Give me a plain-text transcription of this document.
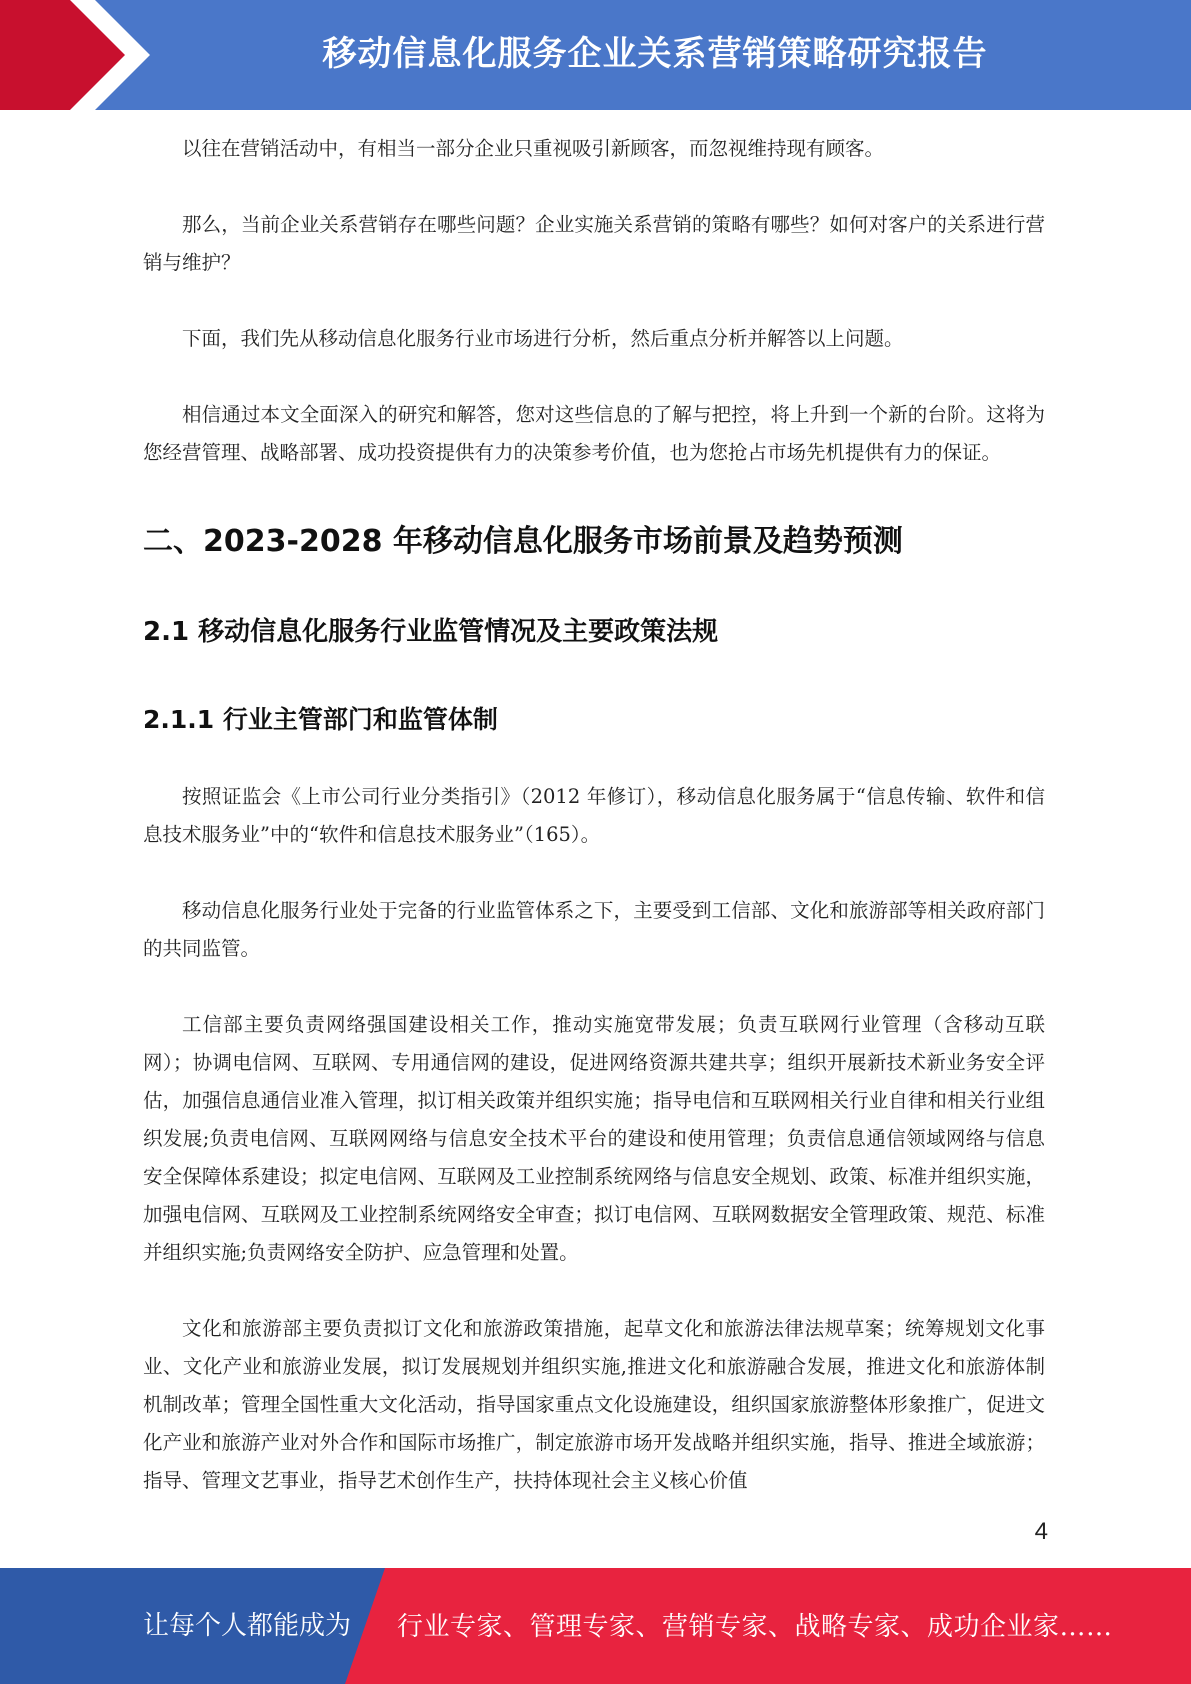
移动信息化服务企业关系营销策略研究报告

以往在营销活动中，有相当一部分企业只重视吸引新顾客，而忽视维持现有顾客。

那么，当前企业关系营销存在哪些问题？企业实施关系营销的策略有哪些？如何对客户的关系进行营销与维护？

下面，我们先从移动信息化服务行业市场进行分析，然后重点分析并解答以上问题。

相信通过本文全面深入的研究和解答，您对这些信息的了解与把控，将上升到一个新的台阶。这将为您经营管理、战略部署、成功投资提供有力的决策参考价值，也为您抢占市场先机提供有力的保证。

二、2023-2028 年移动信息化服务市场前景及趋势预测
2.1 移动信息化服务行业监管情况及主要政策法规
2.1.1 行业主管部门和监管体制

按照证监会《上市公司行业分类指引》（2012 年修订），移动信息化服务属于“信息传输、软件和信息技术服务业”中的“软件和信息技术服务业”（165）。

移动信息化服务行业处于完备的行业监管体系之下，主要受到工信部、文化和旅游部等相关政府部门的共同监管。

工信部主要负责网络强国建设相关工作，推动实施宽带发展；负责互联网行业管理（含移动互联网）；协调电信网、互联网、专用通信网的建设，促进网络资源共建共享；组织开展新技术新业务安全评估，加强信息通信业准入管理，拟订相关政策并组织实施；指导电信和互联网相关行业自律和相关行业组织发展;负责电信网、互联网网络与信息安全技术平台的建设和使用管理；负责信息通信领域网络与信息安全保障体系建设；拟定电信网、互联网及工业控制系统网络与信息安全规划、政策、标准并组织实施，加强电信网、互联网及工业控制系统网络安全审查；拟订电信网、互联网数据安全管理政策、规范、标准并组织实施;负责网络安全防护、应急管理和处置。

文化和旅游部主要负责拟订文化和旅游政策措施，起草文化和旅游法律法规草案；统筹规划文化事业、文化产业和旅游业发展，拟订发展规划并组织实施,推进文化和旅游融合发展，推进文化和旅游体制机制改革；管理全国性重大文化活动，指导国家重点文化设施建设，组织国家旅游整体形象推广，促进文化产业和旅游产业对外合作和国际市场推广，制定旅游市场开发战略并组织实施，指导、推进全域旅游；指导、管理文艺事业，指导艺术创作生产，扶持体现社会主义核心价值

4
让每个人都能成为 行业专家、管理专家、营销专家、战略专家、成功企业家……
